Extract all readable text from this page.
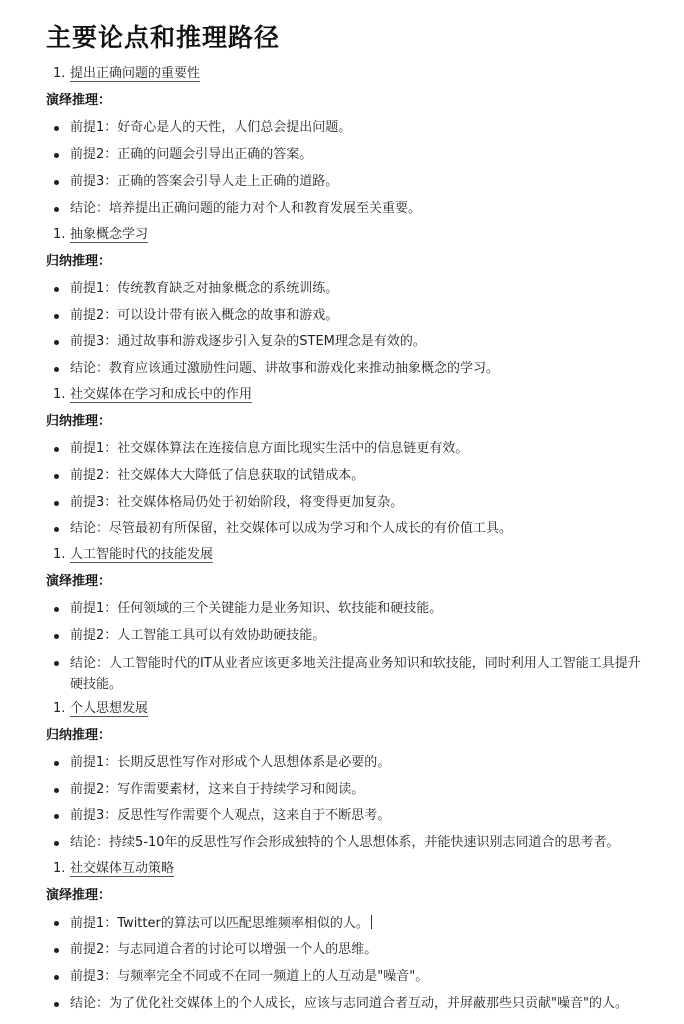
主要论点和推理路径
1. 提出正确问题的重要性
演绎推理：
前提1：好奇心是人的天性，人们总会提出问题。
前提2：正确的问题会引导出正确的答案。
前提3：正确的答案会引导人走上正确的道路。
结论：培养提出正确问题的能力对个人和教育发展至关重要。
1. 抽象概念学习
归纳推理：
前提1：传统教育缺乏对抽象概念的系统训练。
前提2：可以设计带有嵌入概念的故事和游戏。
前提3：通过故事和游戏逐步引入复杂的STEM理念是有效的。
结论：教育应该通过激励性问题、讲故事和游戏化来推动抽象概念的学习。
1. 社交媒体在学习和成长中的作用
归纳推理：
前提1：社交媒体算法在连接信息方面比现实生活中的信息链更有效。
前提2：社交媒体大大降低了信息获取的试错成本。
前提3：社交媒体格局仍处于初始阶段，将变得更加复杂。
结论：尽管最初有所保留，社交媒体可以成为学习和个人成长的有价值工具。
1. 人工智能时代的技能发展
演绎推理：
前提1：任何领域的三个关键能力是业务知识、软技能和硬技能。
前提2：人工智能工具可以有效协助硬技能。
结论：人工智能时代的IT从业者应该更多地关注提高业务知识和软技能，同时利用人工智能工具提升硬技能。
1. 个人思想发展
归纳推理：
前提1：长期反思性写作对形成个人思想体系是必要的。
前提2：写作需要素材，这来自于持续学习和阅读。
前提3：反思性写作需要个人观点，这来自于不断思考。
结论：持续5-10年的反思性写作会形成独特的个人思想体系，并能快速识别志同道合的思考者。
1. 社交媒体互动策略
演绎推理：
前提1：Twitter的算法可以匹配思维频率相似的人。
前提2：与志同道合者的讨论可以增强一个人的思维。
前提3：与频率完全不同或不在同一频道上的人互动是"噪音"。
结论：为了优化社交媒体上的个人成长，应该与志同道合者互动，并屏蔽那些只贡献"噪音"的人。
